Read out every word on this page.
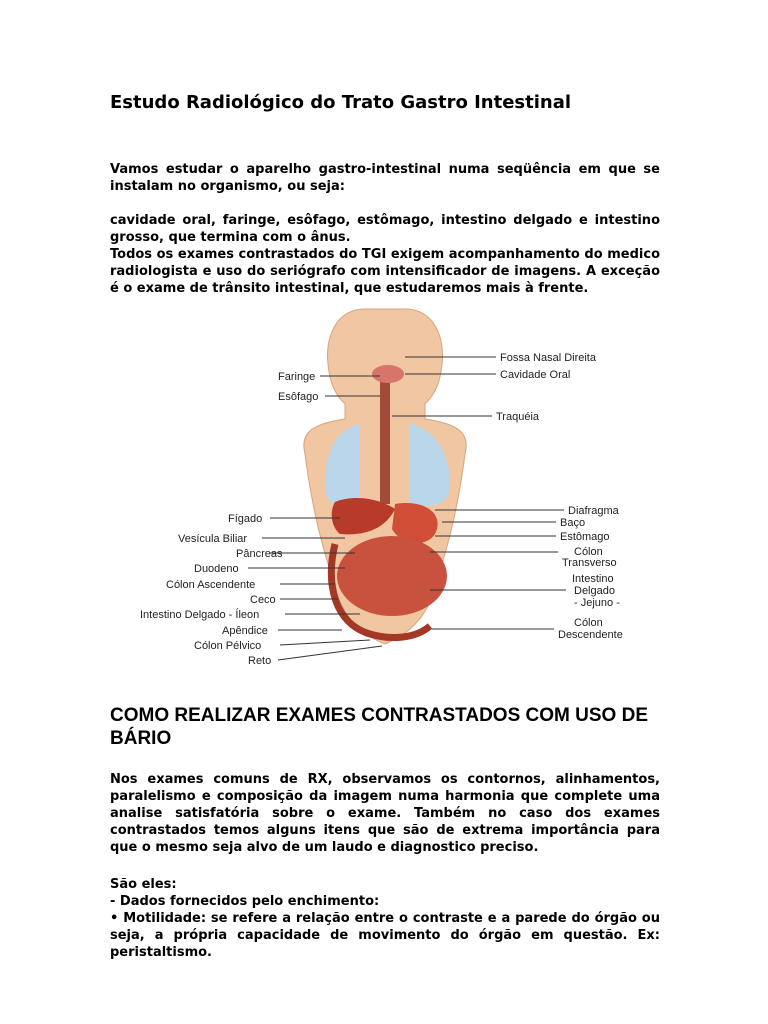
Estudo Radiológico do Trato Gastro Intestinal

Vamos estudar o aparelho gastro-intestinal numa seqüência em que se instalam no organismo, ou seja:

cavidade oral, faringe, esôfago, estômago, intestino delgado e intestino grosso, que termina com o ânus.

Todos os exames contrastados do TGI exigem acompanhamento do medico radiologista e uso do seriógrafo com intensificador de imagens. A exceção é o exame de trânsito intestinal, que estudaremos mais à frente.

Faringe
Esôfago
Fígado
Vesícula Biliar
Pâncreas
Duodeno
Cólon Ascendente
Ceco
Intestino Delgado - Íleon
Apêndice
Cólon Pélvico
Reto
Fossa Nasal Direita
Cavidade Oral
Traquéia
Diafragma
Baço
Estômago
Cólon
Transverso
Intestino
Delgado
- Jejuno -
Cólon
Descendente
COMO REALIZAR EXAMES CONTRASTADOS COM USO DE BÁRIO

Nos exames comuns de RX, observamos os contornos, alinhamentos, paralelismo e composição da imagem numa harmonia que complete uma analise satisfatória sobre o exame. Também no caso dos exames contrastados temos alguns itens que são de extrema importância para que o mesmo seja alvo de um laudo e diagnostico preciso.

São eles:

- Dados fornecidos pelo enchimento:

• Motilidade: se refere a relação entre o contraste e a parede do órgão ou seja, a própria capacidade de movimento do órgão em questão. Ex: peristaltismo.
